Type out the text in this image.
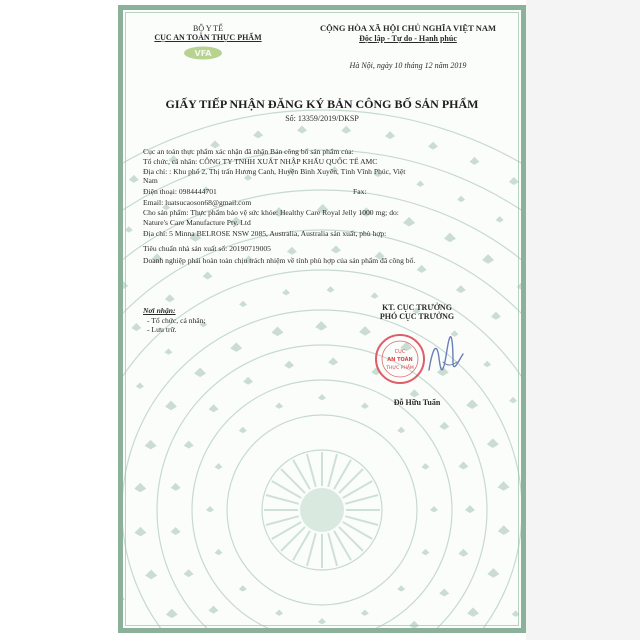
BỘ Y TẾ
CỤC AN TOÀN THỰC PHẨM
VFA
CỘNG HÒA XÃ HỘI CHỦ NGHĨA VIỆT NAM
Độc lập - Tự do - Hạnh phúc
Hà Nội, ngày 10 tháng 12 năm 2019
GIẤY TIẾP NHẬN ĐĂNG KÝ BẢN CÔNG BỐ SẢN PHẨM
Số: 13359/2019/DKSP
Cục an toàn thực phẩm xác nhận đã nhận Bản công bố sản phẩm của:
Tổ chức, cá nhân: CÔNG TY TNHH XUẤT NHẬP KHẨU QUỐC TẾ AMC
Địa chỉ: : Khu phố 2, Thị trấn Hương Canh, Huyện Bình Xuyên, Tỉnh Vĩnh Phúc, Việt
Nam
Điện thoại: 0984444701	Fax:
Email: luatsucaoson68@gmail.com
Cho sản phẩm: Thực phẩm bảo vệ sức khỏe: Healthy Care Royal Jelly 1000 mg; do:
Nature's Care Manufacture Pty. Ltd
Địa chỉ: 5 Minna BELROSE NSW 2085, Australia, Australia sản xuất, phù hợp:
Tiêu chuẩn nhà sản xuất số: 20190719005
Doanh nghiệp phải hoàn toàn chịu trách nhiệm về tính phù hợp của sản phẩm đã công bố.
Nơi nhận:
- Tổ chức, cá nhân;
- Lưu trữ.
KT. CỤC TRƯỞNG
PHÓ CỤC TRƯỞNG
CỤC
AN TOÀN
THỰC PHẨM
Đỗ Hữu Tuấn
